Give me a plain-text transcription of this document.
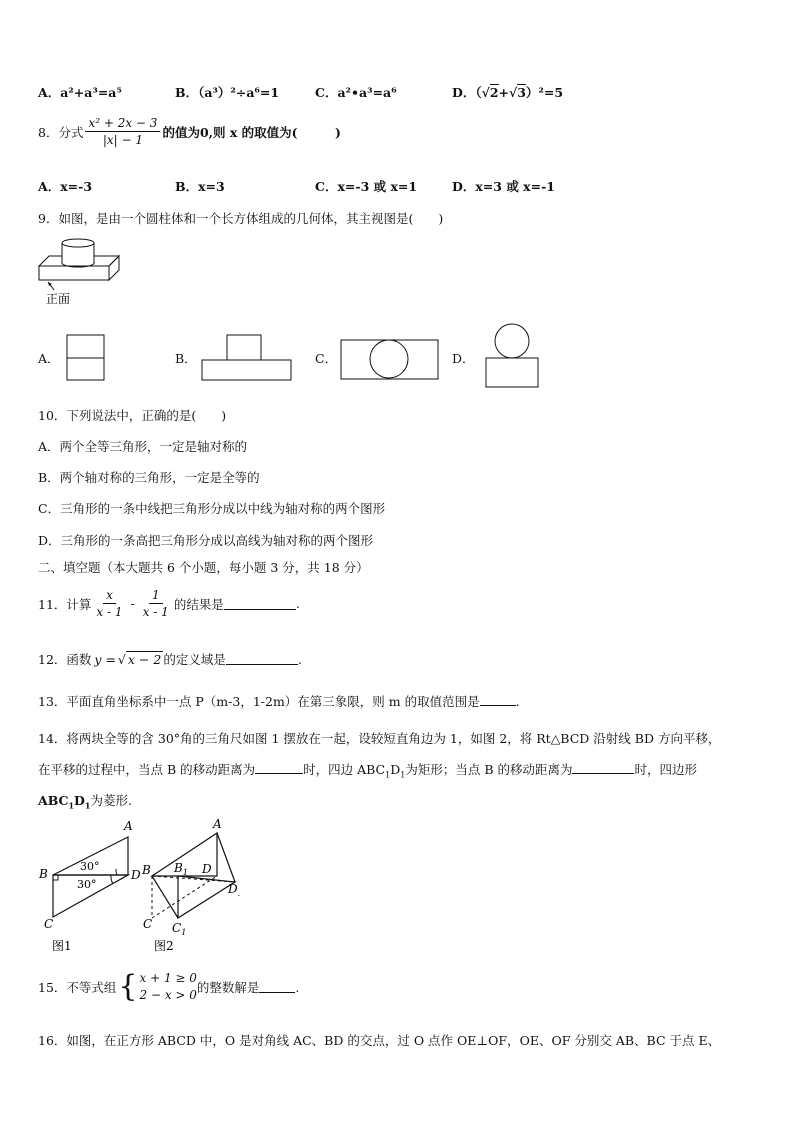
A．a²+a³=a⁵	B．（a³）²÷a⁶=1	C．a²•a³=a⁶	D．（√2+√3）²=5
8．分式 $\frac{\text{x² + 2x − 3}}{|x| - 1}$ 的值为0,则 x 的取值为(　　　)
A．x=-3	B．x=3	C．x=-3 或 x=1	D．x=3 或 x=-1
9．如图，是由一个圆柱体和一个长方体组成的几何体，其主视图是(　　)
正面
A．	B．	C．	D．
10．下列说法中，正确的是(　　)
A．两个全等三角形，一定是轴对称的
B．两个轴对称的三角形，一定是全等的
C．三角形的一条中线把三角形分成以中线为轴对称的两个图形
D．三角形的一条高把三角形分成以高线为轴对称的两个图形
二、填空题（本大题共 6 个小题，每小题 3 分，共 18 分）
11．计算 $\frac{x}{x - 1} - \frac{1}{x - 1}$ 的结果是	.
12．函数 y = √ x − 2 的定义域是	.
13．平面直角坐标系中一点 P（m-3，1-2m）在第三象限，则 m 的取值范围是	.
14．将两块全等的含 30°角的三角尺如图 1 摆放在一起，设较短直角边为 1，如图 2，将 Rt△BCD 沿射线 BD 方向平移，
在平移的过程中，当点 B 的移动距离为	时，四边 $ABC_1D_1$为矩形；当点 B 的移动距离为	时，四边形
$ABC_1D_1$为菱形.
A
B	D
C
30°
30°
图1
A
B $B_1$ D
$D_.$
C $C_1$
图2
15．不等式组 { x + 1 ≥ 0
2 − x > 0 的整数解是	.
16．如图，在正方形 ABCD 中，O 是对角线 AC、BD 的交点，过 O 点作 OE⊥OF，OE、OF 分别交 AB、BC 于点 E、
